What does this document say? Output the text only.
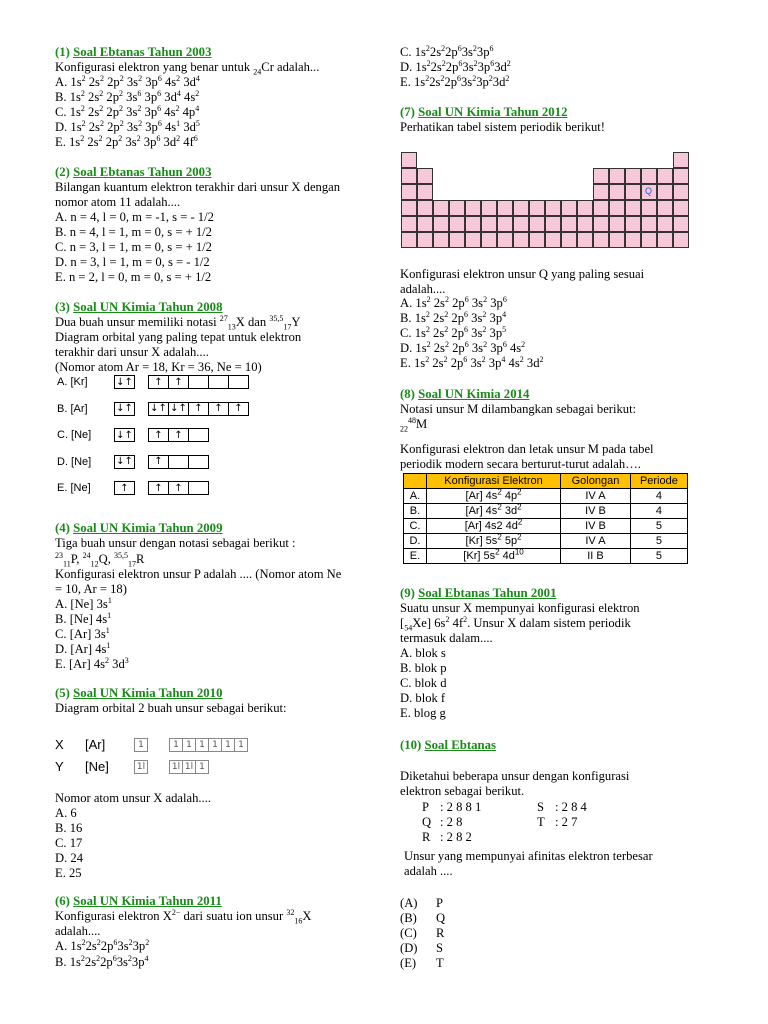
(1) Soal Ebtanas Tahun 2003
Konfigurasi elektron yang benar untuk $_{24}$Cr adalah...
A. $1s^2$ $2s^2$ $2p^2$ $3s^2$ $3p^6$ $4s^2$ $3d^4$
B. $1s^2$ $2s^2$ $2p^2$ $3s^6$ $3p^6$ $3d^4$ $4s^2$
C. $1s^2$ $2s^2$ $2p^2$ $3s^2$ $3p^6$ $4s^2$ $4p^4$
D. $1s^2$ $2s^2$ $2p^2$ $3s^2$ $3p^6$ $4s^1$ $3d^5$
E. $1s^2$ $2s^2$ $2p^2$ $3s^2$ $3p^6$ $3d^2$ $4f^6$
(2) Soal Ebtanas Tahun 2003
Bilangan kuantum elektron terakhir dari unsur X dengan
nomor atom 11 adalah....
A. n = 4, l = 0, m = -1, s = - 1/2
B. n = 4, l = 1, m = 0, s = + 1/2
C. n = 3, l = 1, m = 0, s = + 1/2
D. n = 3, l = 1, m = 0, s = - 1/2
E. n = 2, l = 0, m = 0, s = + 1/2
(3) Soal UN Kimia Tahun 2008
Dua buah unsur memiliki notasi $^{27}_{13}$X dan $^{35,5}_{17}$Y
Diagram orbital yang paling tepat untuk elektron
terakhir dari unsur X adalah....
(Nomor atom Ar = 18, Kr = 36, Ne = 10)
A. [Kr]	↓↑	↑	↑
B. [Ar]	↓↑ ↓↑ ↓↑ ↑	↑	↑
C. [Ne]	↓↑	↑	↑
D. [Ne]	↓↑	↑
E. [Ne]	↑	↑	↑
(4) Soal UN Kimia Tahun 2009
Tiga buah unsur dengan notasi sebagai berikut :
$^{23}_{11}$P, $^{24}_{12}$Q, $^{35,5}_{17}$R
Konfigurasi elektron unsur P adalah .... (Nomor atom Ne
= 10, Ar = 18)
A. [Ne] $3s^1$
B. [Ne] $4s^1$
C. [Ar] $3s^1$
D. [Ar] $4s^1$
E. [Ar] $4s^2$ $3d^3$
(5) Soal UN Kimia Tahun 2010
Diagram orbital 2 buah unsur sebagai berikut:
X	[Ar]	1	1 1 1 1 1 1
Y	[Ne]	1l	1l 1l 1
Nomor atom unsur X adalah....
A. 6
B. 16
C. 17
D. 24
E. 25
(6) Soal UN Kimia Tahun 2011
Konfigurasi elektron $X^{2-}$ dari suatu ion unsur $^{32}_{16}$X
adalah....
A. $1s^22s^22p^63s^23p^2$
B. $1s^22s^22p^63s^23p^4$
C. $1s^22s^22p^63s^23p^6$
D. $1s^22s^22p^63s^23p^63d^2$
E. $1s^22s^22p^63s^23p^23d^2$
(7) Soal UN Kimia Tahun 2012
Perhatikan tabel sistem periodik berikut!
Q
Konfigurasi elektron unsur Q yang paling sesuai
adalah....
A. $1s^2$ $2s^2$ $2p^6$ $3s^2$ $3p^6$
B. $1s^2$ $2s^2$ $2p^6$ $3s^2$ $3p^4$
C. $1s^2$ $2s^2$ $2p^6$ $3s^2$ $3p^5$
D. $1s^2$ $2s^2$ $2p^6$ $3s^2$ $3p^6$ $4s^2$
E. $1s^2$ $2s^2$ $2p^6$ $3s^2$ $3p^4$ $4s^2$ $3d^2$
(8) Soal UN Kimia 2014
Notasi unsur M dilambangkan sebagai berikut:
$_{22}^{48}$M
Konfigurasi elektron dan letak unsur M pada tabel
periodik modern secara berturut-turut adalah….
	Konfigurasi Elektron	Golongan	Periode
A.	[Ar] $4s^2$ $4p^2$	IV A	4
B.	[Ar] $4s^2$ $3d^2$	IV B	4
C.	[Ar] 4s2 $4d^2$	IV B	5
D.	[Kr] $5s^2$ $5p^2$	IV A	5
E.	[Kr] $5s^2$ $4d^{10}$	II B	5
(9) Soal Ebtanas Tahun 2001
Suatu unsur X mempunyai konfigurasi elektron
$[_{54}Xe]$ $6s^2$ $4f^2$. Unsur X dalam sistem periodik
termasuk dalam....
A. blok s
B. blok p
C. blok d
D. blok f
E. blog g
(10) Soal Ebtanas
Diketahui beberapa unsur dengan konfigurasi
elektron sebagai berikut.
P : 2 8 8 1	S : 2 8 4
Q : 2 8	T : 2 7
R : 2 8 2
Unsur yang mempunyai afinitas elektron terbesar
adalah ....
(A) P
(B) Q
(C) R
(D) S
(E) T
